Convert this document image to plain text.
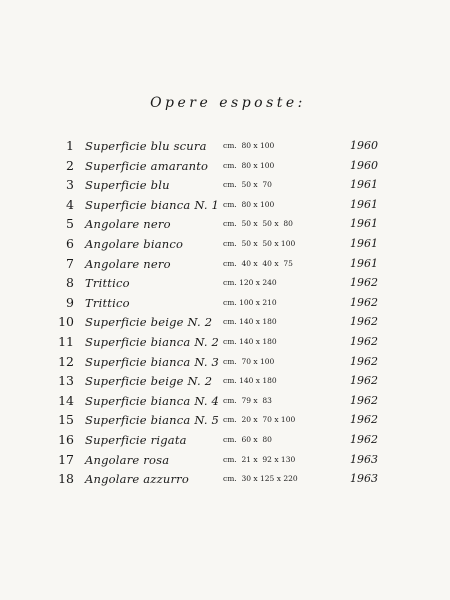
Opere esposte:
1 Superficie blu scura cm.  80 x 100	1960
2 Superficie amaranto cm.  80 x 100	1960
3 Superficie blu	cm.  50 x  70	1961
4 Superficie bianca N. 1 cm.  80 x 100	1961
5 Angolare nero	cm.  50 x  50 x  80	1961
6 Angolare bianco	cm.  50 x  50 x 100	1961
7 Angolare nero	cm.  40 x  40 x  75	1961
8 Trittico	cm. 120 x 240	1962
9 Trittico	cm. 100 x 210	1962
10 Superficie beige N. 2 cm. 140 x 180	1962
11 Superficie bianca N. 2 cm. 140 x 180	1962
12 Superficie bianca N. 3 cm.  70 x 100	1962
13 Superficie beige N. 2 cm. 140 x 180	1962
14 Superficie bianca N. 4 cm.  79 x  83	1962
15 Superficie bianca N. 5 cm.  20 x  70 x 100	1962
16 Superficie rigata	cm.  60 x  80	1962
17 Angolare rosa	cm.  21 x  92 x 130	1963
18 Angolare azzurro	cm.  30 x 125 x 220	1963
